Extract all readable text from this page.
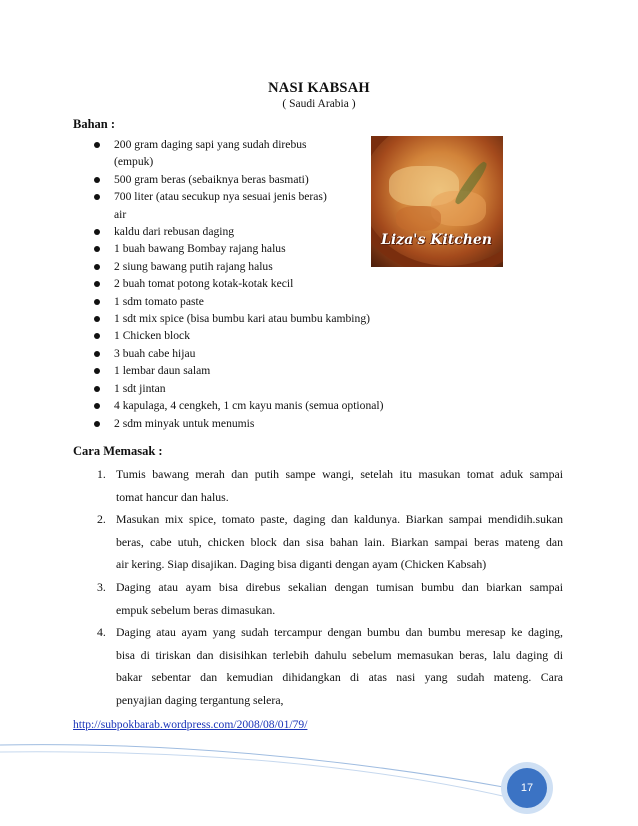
NASI KABSAH
( Saudi Arabia )
Bahan :
200 gram daging sapi yang sudah direbus
(empuk)
500 gram beras (sebaiknya beras basmati)
700 liter (atau secukup nya sesuai jenis beras)
air
kaldu dari rebusan daging
1 buah bawang Bombay rajang halus
2 siung bawang putih rajang halus
2 buah tomat potong kotak-kotak kecil
1 sdm tomato paste
1 sdt mix spice (bisa bumbu kari atau bumbu kambing)
1 Chicken block
3 buah cabe hijau
1 lembar daun salam
1 sdt jintan
4 kapulaga, 4 cengkeh, 1 cm kayu manis (semua optional)
2 sdm minyak untuk menumis
Liza's Kitchen
Cara Memasak :
1. Tumis bawang merah dan putih sampe wangi, setelah itu masukan tomat aduk sampai
tomat hancur dan halus.
2. Masukan mix spice, tomato paste, daging dan kaldunya. Biarkan sampai mendidih.sukan
beras, cabe utuh, chicken block dan sisa bahan lain. Biarkan sampai beras mateng dan
air kering. Siap disajikan. Daging bisa diganti dengan ayam (Chicken Kabsah)
3. Daging atau ayam bisa direbus sekalian dengan tumisan bumbu dan biarkan sampai
empuk sebelum beras dimasukan.
4. Daging atau ayam yang sudah tercampur dengan bumbu dan bumbu meresap ke daging,
bisa di tiriskan dan disisihkan terlebih dahulu sebelum memasukan beras, lalu daging di
bakar sebentar dan kemudian dihidangkan di atas nasi yang sudah mateng. Cara
penyajian daging tergantung selera,
http://subpokbarab.wordpress.com/2008/08/01/79/
17
